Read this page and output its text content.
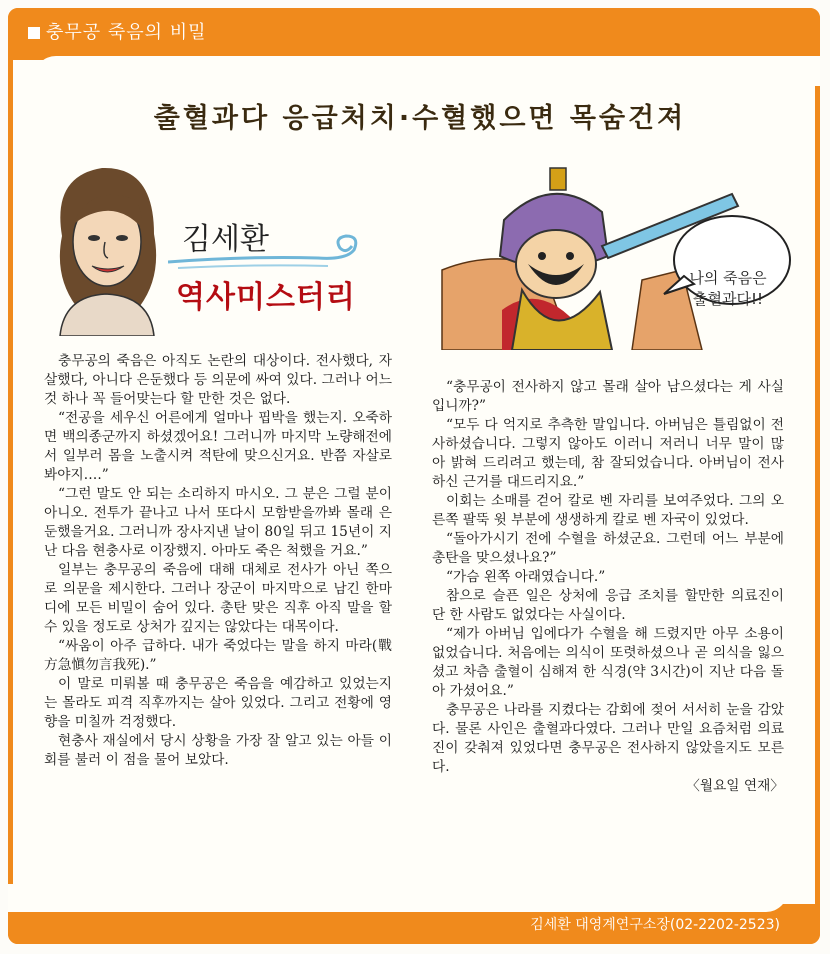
충무공 죽음의 비밀
김세환 대영계연구소장(02-2202-2523)
출혈과다 응급처치·수혈했으면 목숨건져
김세환
역사미스터리
나의 죽음은
출혈과다!!

충무공의 죽음은 아직도 논란의 대상이다. 전사했다, 자살했다, 아니다 은둔했다 등 의문에 싸여 있다. 그러나 어느 것 하나 꼭 들어맞는다 할 만한 것은 없다.

“전공을 세우신 어른에게 얼마나 핍박을 했는지. 오죽하면 백의종군까지 하셨겠어요! 그러니까 마지막 노량해전에서 일부러 몸을 노출시켜 적탄에 맞으신거요. 반쯤 자살로 봐야지….”

“그런 말도 안 되는 소리하지 마시오. 그 분은 그럴 분이 아니오. 전투가 끝나고 나서 또다시 모함받을까봐 몰래 은둔했을거요. 그러니까 장사지낸 날이 80일 뒤고 15년이 지난 다음 현충사로 이장했지. 아마도 죽은 척했을 거요.”

일부는 충무공의 죽음에 대해 대체로 전사가 아닌 쪽으로 의문을 제시한다. 그러나 장군이 마지막으로 남긴 한마디에 모든 비밀이 숨어 있다. 총탄 맞은 직후 아직 말을 할 수 있을 정도로 상처가 깊지는 않았다는 대목이다.

“싸움이 아주 급하다. 내가 죽었다는 말을 하지 마라(戰方急愼勿言我死).”

이 말로 미뤄볼 때 충무공은 죽음을 예감하고 있었는지는 몰라도 피격 직후까지는 살아 있었다. 그리고 전황에 영향을 미칠까 걱정했다.

현충사 재실에서 당시 상황을 가장 잘 알고 있는 아들 이회를 불러 이 점을 물어 보았다.

“충무공이 전사하지 않고 몰래 살아 남으셨다는 게 사실입니까?”

“모두 다 억지로 추측한 말입니다. 아버님은 틀림없이 전사하셨습니다. 그렇지 않아도 이러니 저러니 너무 말이 많아 밝혀 드리려고 했는데, 참 잘되었습니다. 아버님이 전사하신 근거를 대드리지요.”

이회는 소매를 걷어 칼로 벤 자리를 보여주었다. 그의 오른쪽 팔뚝 윗 부분에 생생하게 칼로 벤 자국이 있었다.

“돌아가시기 전에 수혈을 하셨군요. 그런데 어느 부분에 총탄을 맞으셨나요?”

“가슴 왼쪽 아래였습니다.”

참으로 슬픈 일은 상처에 응급 조치를 할만한 의료진이 단 한 사람도 없었다는 사실이다.

“제가 아버님 입에다가 수혈을 해 드렸지만 아무 소용이 없었습니다. 처음에는 의식이 또렷하셨으나 곧 의식을 잃으셨고 차츰 출혈이 심해져 한 식경(약 3시간)이 지난 다음 돌아 가셨어요.”

충무공은 나라를 지켰다는 감회에 젖어 서서히 눈을 감았다. 물론 사인은 출혈과다였다. 그러나 만일 요즘처럼 의료진이 갖춰져 있었다면 충무공은 전사하지 않았을지도 모른다.

〈월요일 연재〉
